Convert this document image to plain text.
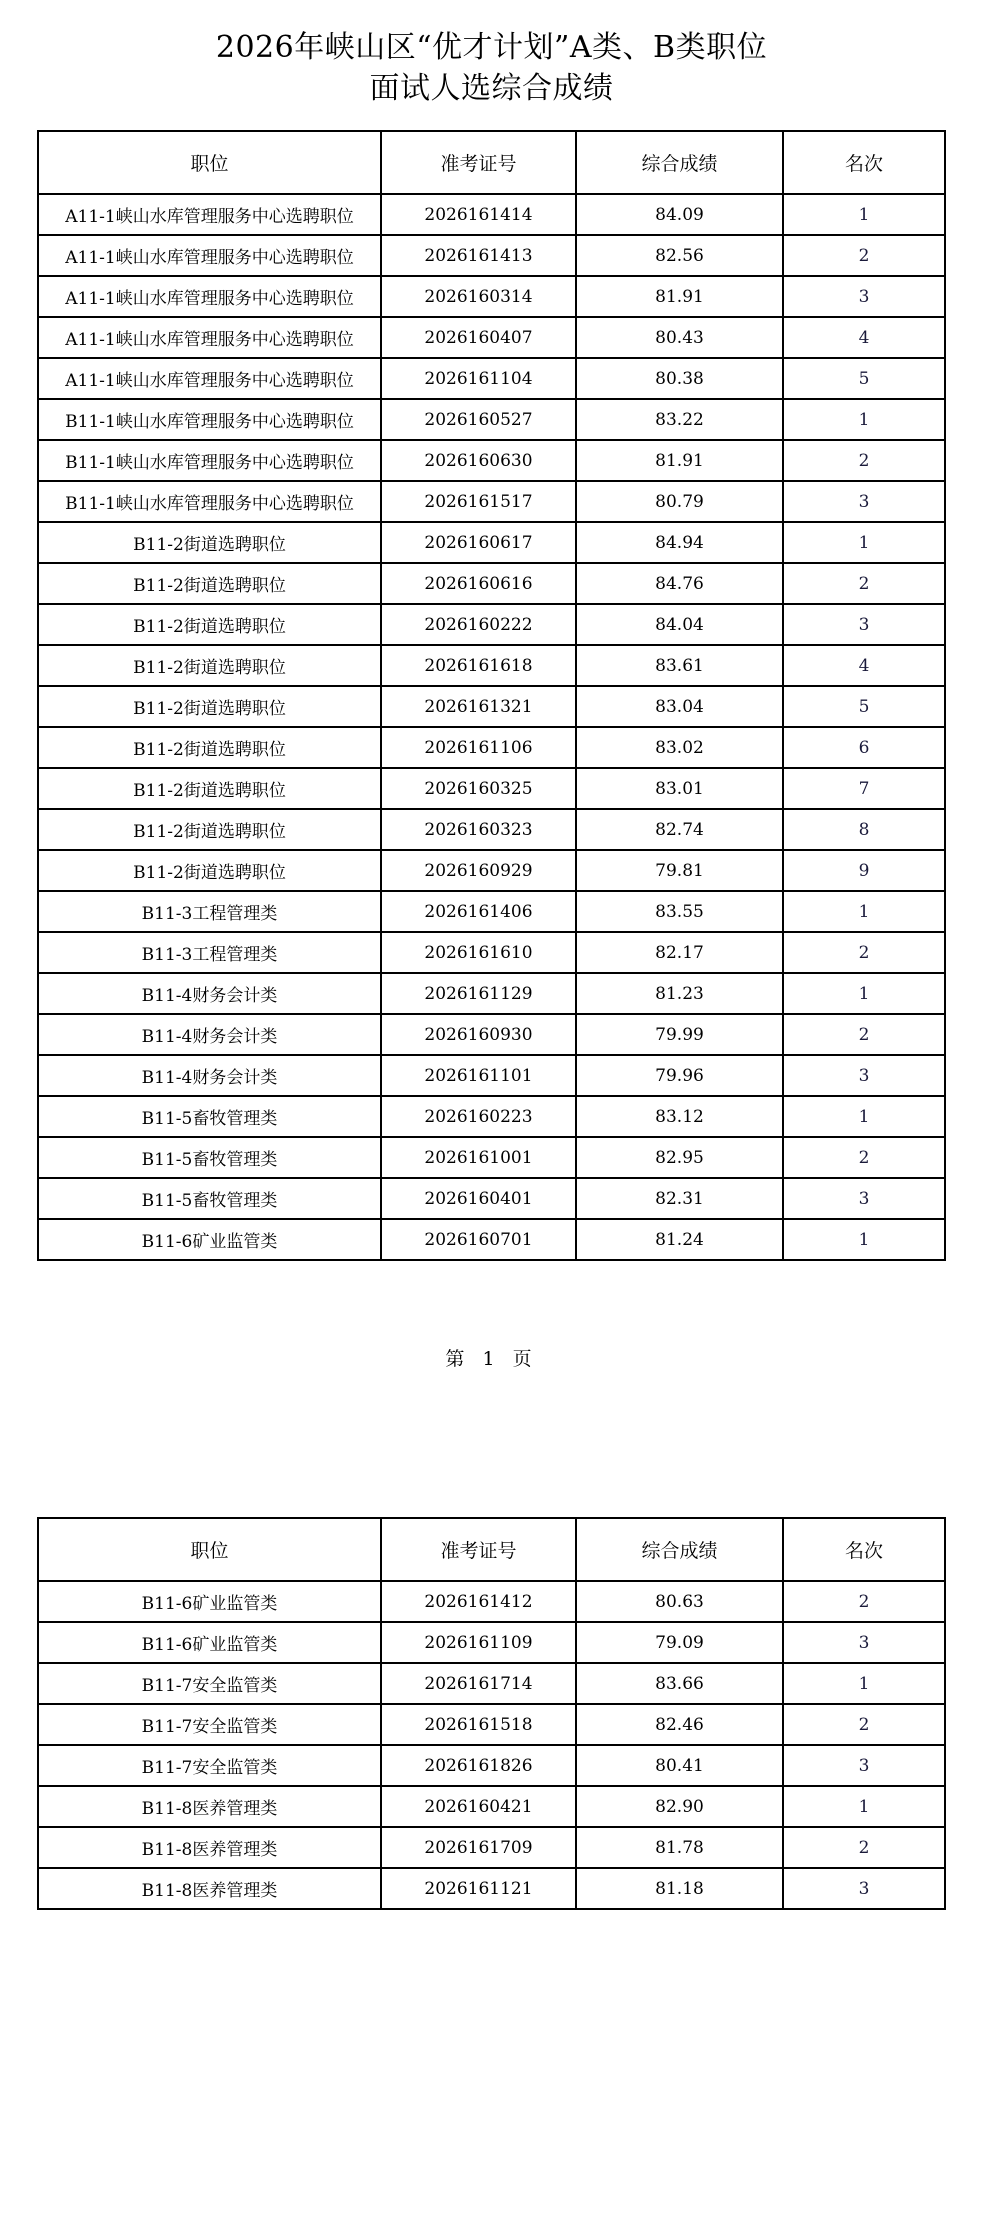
2026年峡山区“优才计划”A类、B类职位
面试人选综合成绩
职位	准考证号	综合成绩	名次
A11-1峡山水库管理服务中心选聘职位	2026161414	84.09	1
A11-1峡山水库管理服务中心选聘职位	2026161413	82.56	2
A11-1峡山水库管理服务中心选聘职位	2026160314	81.91	3
A11-1峡山水库管理服务中心选聘职位	2026160407	80.43	4
A11-1峡山水库管理服务中心选聘职位	2026161104	80.38	5
B11-1峡山水库管理服务中心选聘职位	2026160527	83.22	1
B11-1峡山水库管理服务中心选聘职位	2026160630	81.91	2
B11-1峡山水库管理服务中心选聘职位	2026161517	80.79	3
B11-2街道选聘职位	2026160617	84.94	1
B11-2街道选聘职位	2026160616	84.76	2
B11-2街道选聘职位	2026160222	84.04	3
B11-2街道选聘职位	2026161618	83.61	4
B11-2街道选聘职位	2026161321	83.04	5
B11-2街道选聘职位	2026161106	83.02	6
B11-2街道选聘职位	2026160325	83.01	7
B11-2街道选聘职位	2026160323	82.74	8
B11-2街道选聘职位	2026160929	79.81	9
B11-3工程管理类	2026161406	83.55	1
B11-3工程管理类	2026161610	82.17	2
B11-4财务会计类	2026161129	81.23	1
B11-4财务会计类	2026160930	79.99	2
B11-4财务会计类	2026161101	79.96	3
B11-5畜牧管理类	2026160223	83.12	1
B11-5畜牧管理类	2026161001	82.95	2
B11-5畜牧管理类	2026160401	82.31	3
B11-6矿业监管类	2026160701	81.24	1
第 1 页
职位	准考证号	综合成绩	名次
B11-6矿业监管类	2026161412	80.63	2
B11-6矿业监管类	2026161109	79.09	3
B11-7安全监管类	2026161714	83.66	1
B11-7安全监管类	2026161518	82.46	2
B11-7安全监管类	2026161826	80.41	3
B11-8医养管理类	2026160421	82.90	1
B11-8医养管理类	2026161709	81.78	2
B11-8医养管理类	2026161121	81.18	3
